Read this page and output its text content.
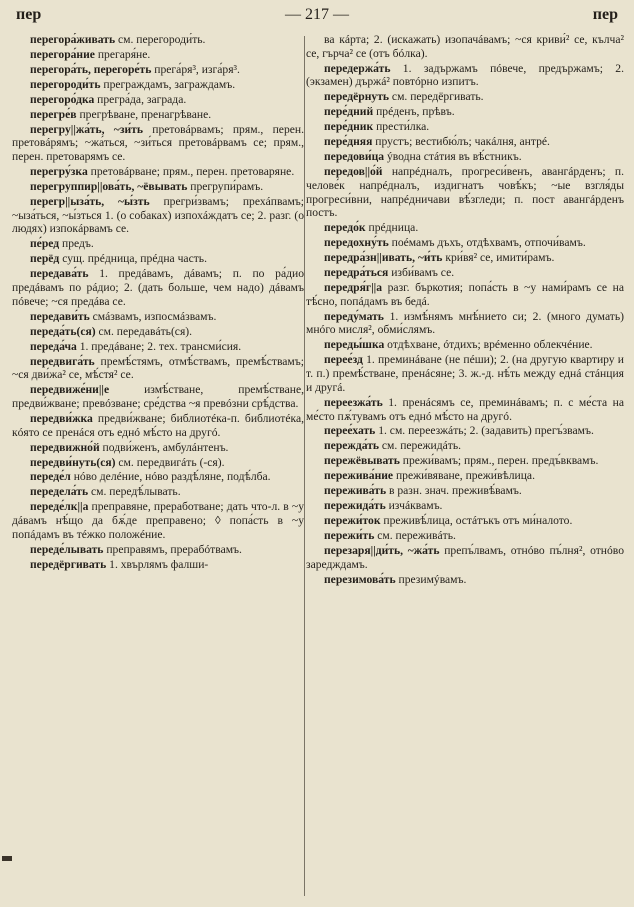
пер	— 217 —	пер

перегора́живать см. перегороди́ть.

перегора́ние прегаря́нe.

перегора́ть, перегоре́ть прега́ря³, изга́ря³.

перегороди́ть преграждамъ, заграждамъ.

перегоро́дка прегра́да, заграда.

перегре́в прегрѣване, пренагрѣване.

перегру||жа́ть, ~зи́ть претовáрвамъ; прям., перен. претовáрямъ; ~жа́ться, ~зи́ться претовáрвамъ се; прям., перен. претоварямъ се.

перегру́зка претовáрване; прям., перен. претоваряне.

перегруппир||ова́ть, ~ёвывать прегрупи́рамъ.

перегр||ыза́ть, ~ы́зть прегри́звамъ; прехáпвамъ; ~ыза́ться, ~ы́зться 1. (о собаках) изпохáждатъ се; 2. разг. (о людях) изпокáрвамъ се.

пе́ред предъ.

перёд сущ. прéдница, прéдна часть.

передава́ть 1. предáвамъ, дáвамъ; п. по ра́дио предáвамъ по рáдио; 2. (дать больше, чем надо) дáвамъ пóвече; ~ся предáва се.

передави́ть смáзвамъ, изпосмáзвамъ.

переда́ть(ся) см. передавáть(ся).

переда́ча 1. предáване; 2. тех. трансми́сия.

передвига́ть премѣ́стямъ, отмѣ́ствамъ, премѣ́ствамъ; ~ся дви́жа² се, мѣ́стя² се.

передвиже́ни||е измѣ́стване, премѣ́стване, предви́жване; превóзване; сре́дства ~я превóзни срѣ́дства.

передви́жка предви́жване; библиотéка-п. библиотéка, кóято се пренáся отъ еднó мѣ́сто на другó.

передвижно́й подви́женъ, амбулáнтенъ.

передви́нуть(ся) см. передвигáть (-ся).

переде́л нóво делéние, нóво раздѣ́ляне, подѣ́лба.

передела́ть см. передѣ́лывать.

переде́лк||а преправяне, преработване; дать что-л. в ~у дáвамъ нѣ́що да бѫ́де преправено; ◊ попа́сть в ~у попáдамъ въ тéжко положéние.

переде́лывать преправямъ, прерабóтвамъ.

передёргивать 1. хвърлямъ фалши-

ва кáрта; 2. (искажать) изопачáвамъ; ~ся криви́² се, кълча² се, гърча² се (отъ бóлка).

передержа́ть 1. задържамъ пóвече, предържамъ; 2. (экзамен) държá² повтóрно изпитъ.

передёрнуть см. передёргивать.

пере́дний прéденъ, прѣвъ.

пере́дник прести́лка.

пере́дняя прустъ; вестибю́лъ; чакáлня, антрé.

передови́ца ýводна стáтия въ вѣ́стникъ.

передов||о́й напрéдналъ, прогреси́венъ, авангáрденъ; п. челове́к напрéдналъ, издигнатъ човѣ́къ; ~ые взгля́ды прогреси́вни, напрéдничави вѣ́згледи; п. пост авангáрденъ постъ.

передо́к прéдница.

передохну́ть поéмамъ дъхъ, отдѣхвамъ, отпочи́вамъ.

передра́зн||ивать, ~и́ть кри́вя² се, имити́рамъ.

передра́ться изби́вамъ се.

передря́г||а разг. бъркотия; попа́сть в ~у нами́рамъ се на тѣ́сно, попáдамъ въ бедá.

переду́мать 1. измѣ́нямъ мнѣ́нието си; 2. (много думать) мнóго мисля², обми́слямъ.

переды́шка отдѣхване, óтдихъ; врéменно облекчéние.

перее́зд 1. преминáване (не пéши); 2. (на другую квартиру и т. п.) премѣ́стване, пренáсяне; 3. ж.-д. нѣ́ть между еднá стáнция и другá.

переезжа́ть 1. пренáсямъ се, преминáвамъ; п. с ме́ста на ме́сто пѫ́тувамъ отъ еднó мѣ́сто на другó.

перее́хать 1. см. переезжáть; 2. (задавить) прегъ́звамъ.

пережда́ть см. пережидáть.

пережёвывать прежи́вамъ; прям., перен. предъ́вквамъ.

пережива́ние прежи́вяване, прежи́вѣлица.

пережива́ть в разн. знач. преживѣ́вамъ.

пережида́ть изчáквамъ.

пережи́ток преживѣ́лица, остáтъкъ отъ ми́налото.

пережи́ть см. переживáть.

перезаря||ди́ть, ~жа́ть препъ́лвамъ, отнóво пъ́лня², отнóво заредждамъ.

перезимова́ть презимýвамъ.
